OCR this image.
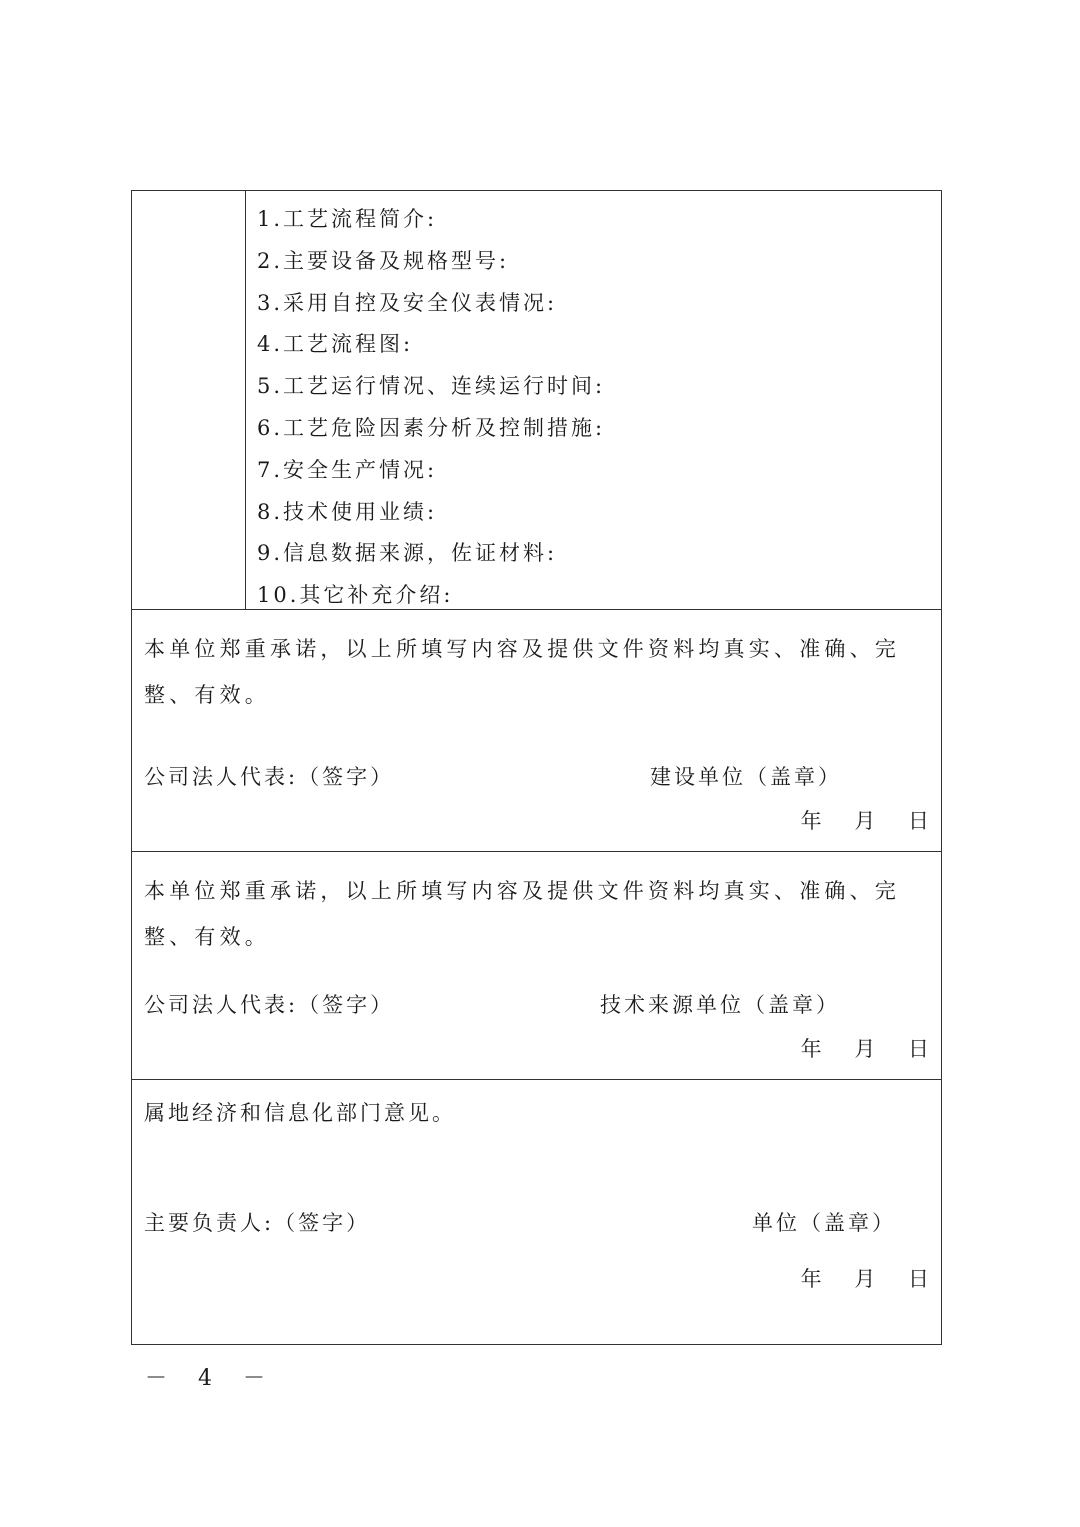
1.工艺流程简介:
2.主要设备及规格型号:
3.采用自控及安全仪表情况:
4.工艺流程图:
5.工艺运行情况、连续运行时间:
6.工艺危险因素分析及控制措施:
7.安全生产情况:
8.技术使用业绩:
9.信息数据来源，佐证材料:
10.其它补充介绍:
本单位郑重承诺，以上所填写内容及提供文件资料均真实、准确、完整、有效。
公司法人代表:（签字）	建设单位（盖章）
年 月 日
本单位郑重承诺，以上所填写内容及提供文件资料均真实、准确、完整、有效。
公司法人代表:（签字）	技术来源单位（盖章）
年 月 日
属地经济和信息化部门意见。
主要负责人:（签字）	单位（盖章）
年 月 日
－ 4 －
